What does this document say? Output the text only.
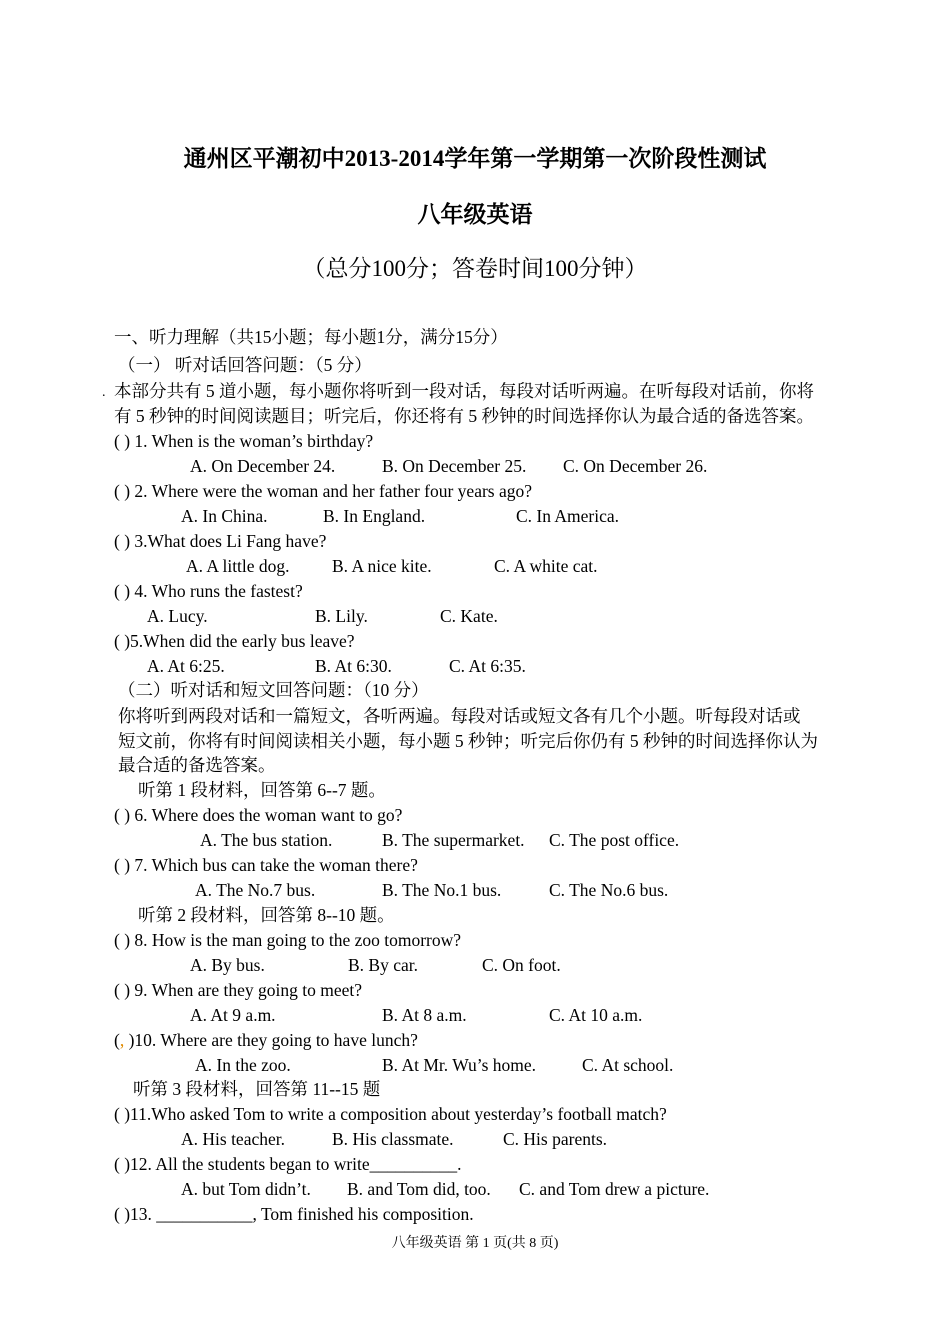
通州区平潮初中2013-2014学年第一学期第一次阶段性测试
八年级英语
（总分100分；答卷时间100分钟）
一、听力理解（共15小题；每小题1分，满分15分）
（一） 听对话回答问题：（5 分）
. 本部分共有 5 道小题，每小题你将听到一段对话，每段对话听两遍。在听每段对话前，你将
有 5 秒钟的时间阅读题目；听完后，你还将有 5 秒钟的时间选择你认为最合适的备选答案。
( ) 1. When is the woman’s birthday?
A. On December 24.	B. On December 25. C. On December 26.
( ) 2. Where were the woman and her father four years ago?
A. In China.	B. In England.	C. In America.
( ) 3.What does Li Fang have?
A. A little dog. B. A nice kite.	C. A white cat.
( ) 4. Who runs the fastest?
A. Lucy.	B. Lily.	C. Kate.
( )5.When did the early bus leave?
A. At 6:25.	B. At 6:30.	C. At 6:35.
（二）听对话和短文回答问题：（10 分）
你将听到两段对话和一篇短文，各听两遍。每段对话或短文各有几个小题。听每段对话或
短文前，你将有时间阅读相关小题，每小题 5 秒钟；听完后你仍有 5 秒钟的时间选择你认为
最合适的备选答案。
听第 1 段材料，回答第 6--7 题。
( ) 6. Where does the woman want to go?
A. The bus station.	B. The supermarket. C. The post office.
( ) 7. Which bus can take the woman there?
A. The No.7 bus.	B. The No.1 bus.	C. The No.6 bus.
听第 2 段材料，回答第 8--10 题。
( ) 8. How is the man going to the zoo tomorrow?
A. By bus.	B. By car.	C. On foot.
( ) 9. When are they going to meet?
A. At 9 a.m.	B. At 8 a.m.	C. At 10 a.m.
(, )10. Where are they going to have lunch?
A. In the zoo.	B. At Mr. Wu’s home.	C. At school.
听第 3 段材料，回答第 11--15 题
( )11.Who asked Tom to write a composition about yesterday’s football match?
A. His teacher.	B. His classmate.	C. His parents.
( )12. All the students began to write__________.
A. but Tom didn’t. B. and Tom did, too. C. and Tom drew a picture.
( )13. ___________, Tom finished his composition.
八年级英语 第 1 页(共 8 页)
